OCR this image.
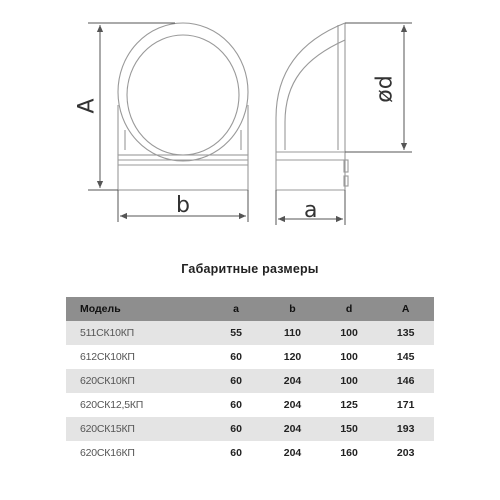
A
b	a
ød
Габаритные размеры
Модель	a	b	d	A
511СК10КП	55	110	100	135
612СК10КП	60	120	100	145
620СК10КП	60	204	100	146
620СК12,5КП	60	204	125	171
620СК15КП	60	204	150	193
620СК16КП	60	204	160	203
